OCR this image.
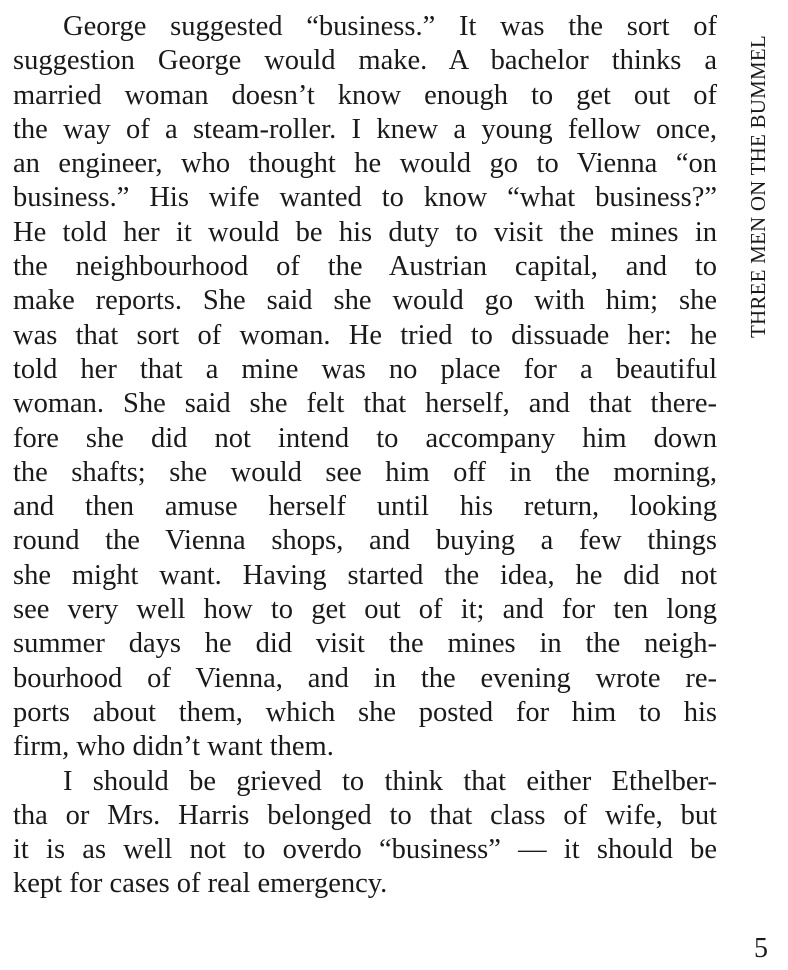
George suggested “business.” It was the sort of
suggestion George would make. A bachelor thinks a
married woman doesn’t know enough to get out of
the way of a steam-roller. I knew a young fellow once,
an engineer, who thought he would go to Vienna “on
business.” His wife wanted to know “what business?”
He told her it would be his duty to visit the mines in
the neighbourhood of the Austrian capital, and to
make reports. She said she would go with him; she
was that sort of woman. He tried to dissuade her: he
told her that a mine was no place for a beautiful
woman. She said she felt that herself, and that there-
fore she did not intend to accompany him down
the shafts; she would see him off in the morning,
and then amuse herself until his return, looking
round the Vienna shops, and buying a few things
she might want. Having started the idea, he did not
see very well how to get out of it; and for ten long
summer days he did visit the mines in the neigh-
bourhood of Vienna, and in the evening wrote re-
ports about them, which she posted for him to his
firm, who didn’t want them.
I should be grieved to think that either Ethelber-
tha or Mrs. Harris belonged to that class of wife, but
it is as well not to overdo “business” — it should be
kept for cases of real emergency.
THREE MEN ON THE BUMMEL
5
